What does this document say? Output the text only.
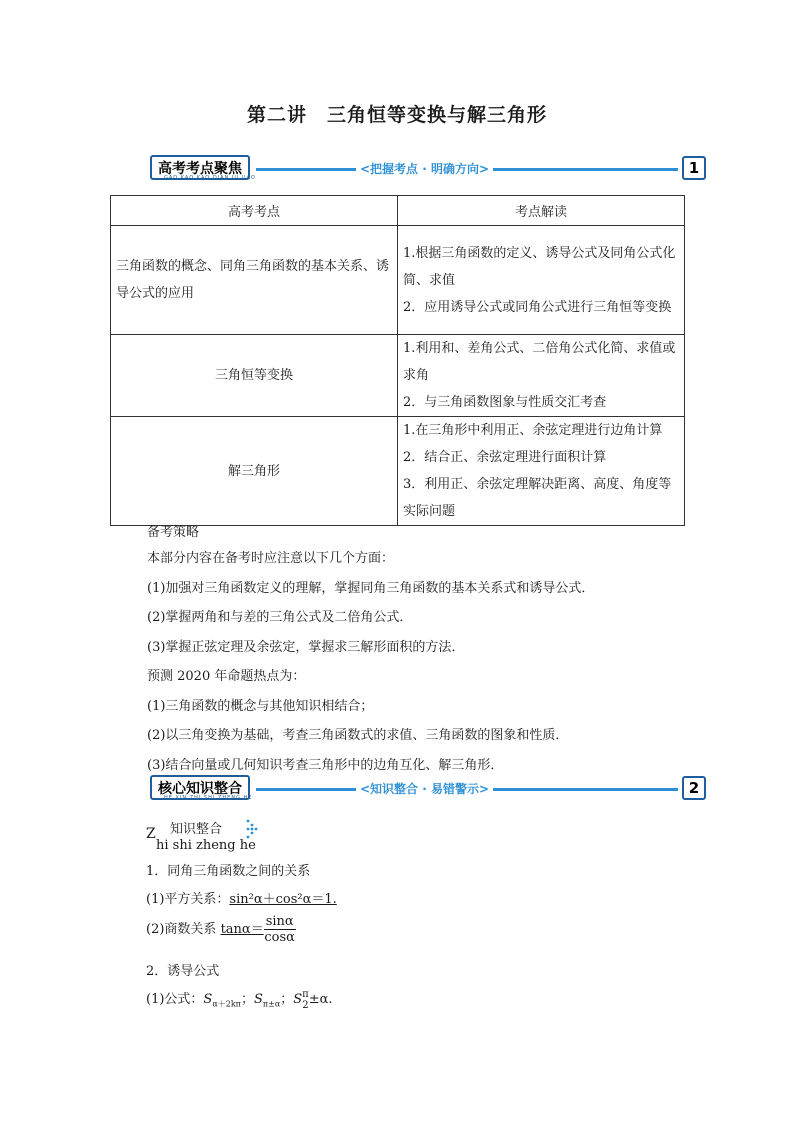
第二讲　三角恒等变换与解三角形
高考考点聚焦
GAO KAO KAO DIAN JU JIAO
<把握考点 · 明确方向>	1
高考考点	考点解读
三角函数的概念、同角三角函数的基本关系、诱导公式的应用	1.根据三角函数的定义、诱导公式及同角公式化简、求值
2．应用诱导公式或同角公式进行三角恒等变换

三角恒等变换	1.利用和、差角公式、二倍角公式化简、求值或求角
2．与三角函数图象与性质交汇考查

解三角形	1.在三角形中利用正、余弦定理进行边角计算
2．结合正、余弦定理进行面积计算
3．利用正、余弦定理解决距离、高度、角度等实际问题

备考策略

本部分内容在备考时应注意以下几个方面：

(1)加强对三角函数定义的理解，掌握同角三角函数的基本关系式和诱导公式．

(2)掌握两角和与差的三角公式及二倍角公式．

(3)掌握正弦定理及余弦定，掌握求三解形面积的方法．

预测 2020 年命题热点为：

(1)三角函数的概念与其他知识相结合；

(2)以三角变换为基础，考查三角函数式的求值、三角函数的图象和性质．

(3)结合向量或几何知识考查三角形中的边角互化、解三角形．

核心知识整合
HE XIN ZHI SHI ZHENG HE
<知识整合 · 易错警示>	2
Z 知识整合
hi shi zheng he
1．同角三角函数之间的关系
(1)平方关系：sin²α＋cos²α＝1.
(2)商数关系 $\tan\alpha= \frac{\sin\alpha}{\cos\alpha}$
2．诱导公式
(1)公式：$S_{\alpha+2k\pi}$；$S_{\pi\pm\alpha}$；S π
2 ±α.
